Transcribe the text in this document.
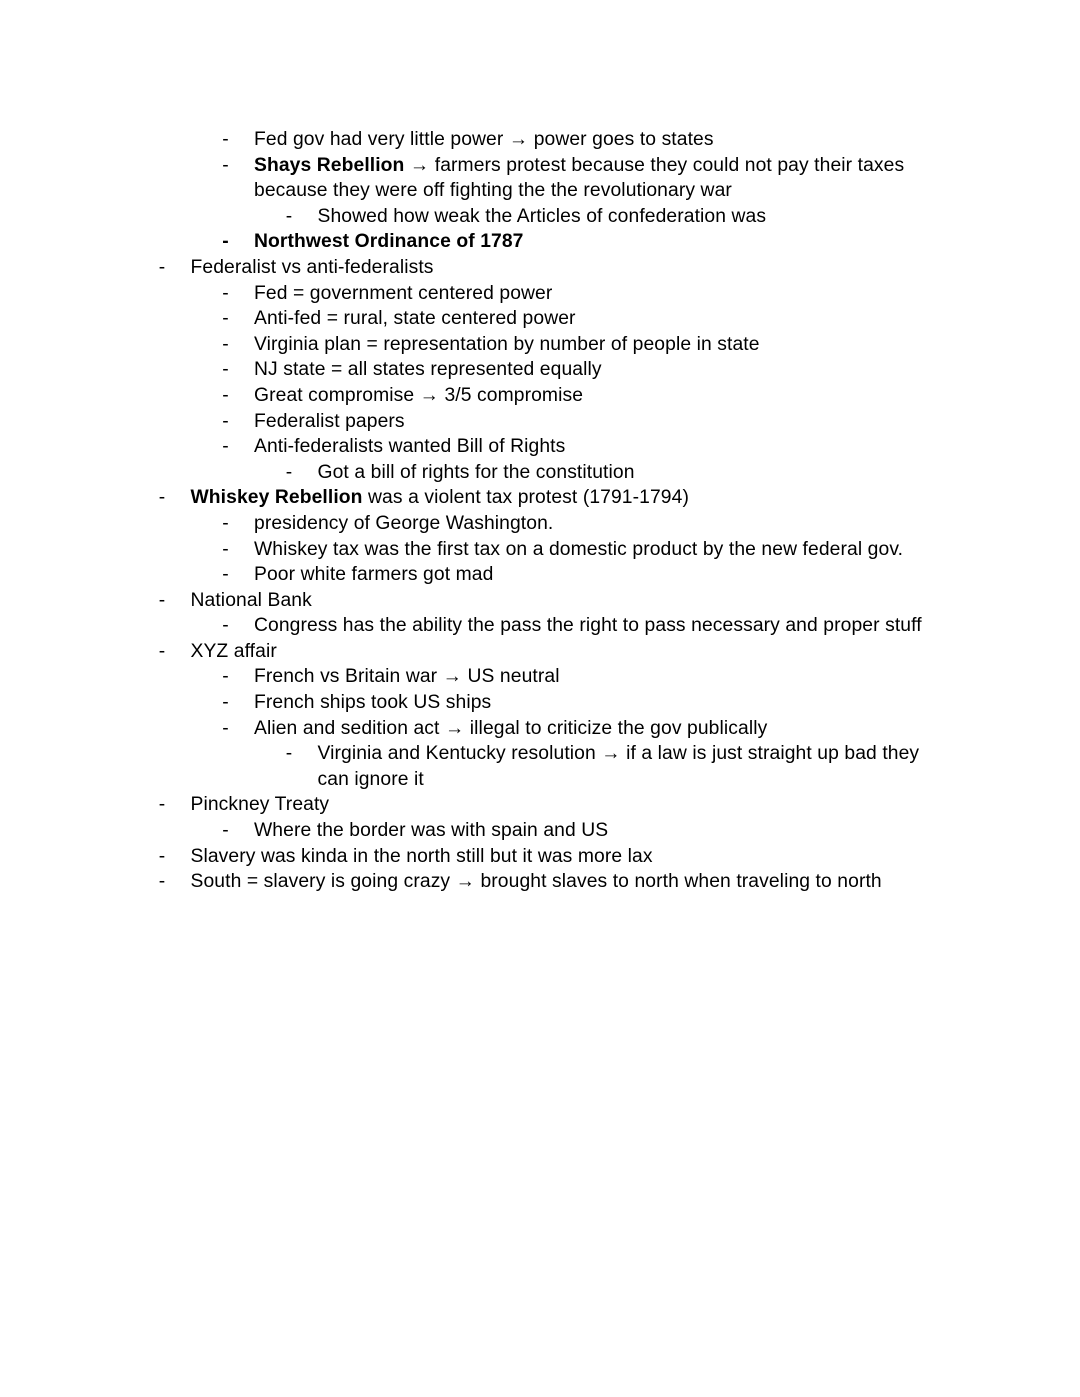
-	Fed gov had very little power → power goes to states
-	Shays Rebellion → farmers protest because they could not pay their taxes because they were off fighting the the revolutionary war
-	Showed how weak the Articles of confederation was
-	Northwest Ordinance of 1787
-	Federalist vs anti-federalists
-	Fed = government centered power
-	Anti-fed = rural, state centered power
-	Virginia plan = representation by number of people in state
-	NJ state = all states represented equally
-	Great compromise → 3/5 compromise
-	Federalist papers
-	Anti-federalists wanted Bill of Rights
-	Got a bill of rights for the constitution
-	Whiskey Rebellion was a violent tax protest (1791-1794)
-	presidency of George Washington.
-	Whiskey tax was the first tax on a domestic product by the new federal gov.
-	Poor white farmers got mad
-	National Bank
-	Congress has the ability the pass the right to pass necessary and proper stuff
-	XYZ affair
-	French vs Britain war → US neutral
-	French ships took US ships
-	Alien and sedition act → illegal to criticize the gov publically
-	Virginia and Kentucky resolution → if a law is just straight up bad they can ignore it
-	Pinckney Treaty
-	Where the border was with spain and US
-	Slavery was kinda in the north still but it was more lax
-	South = slavery is going crazy → brought slaves to north when traveling to north
